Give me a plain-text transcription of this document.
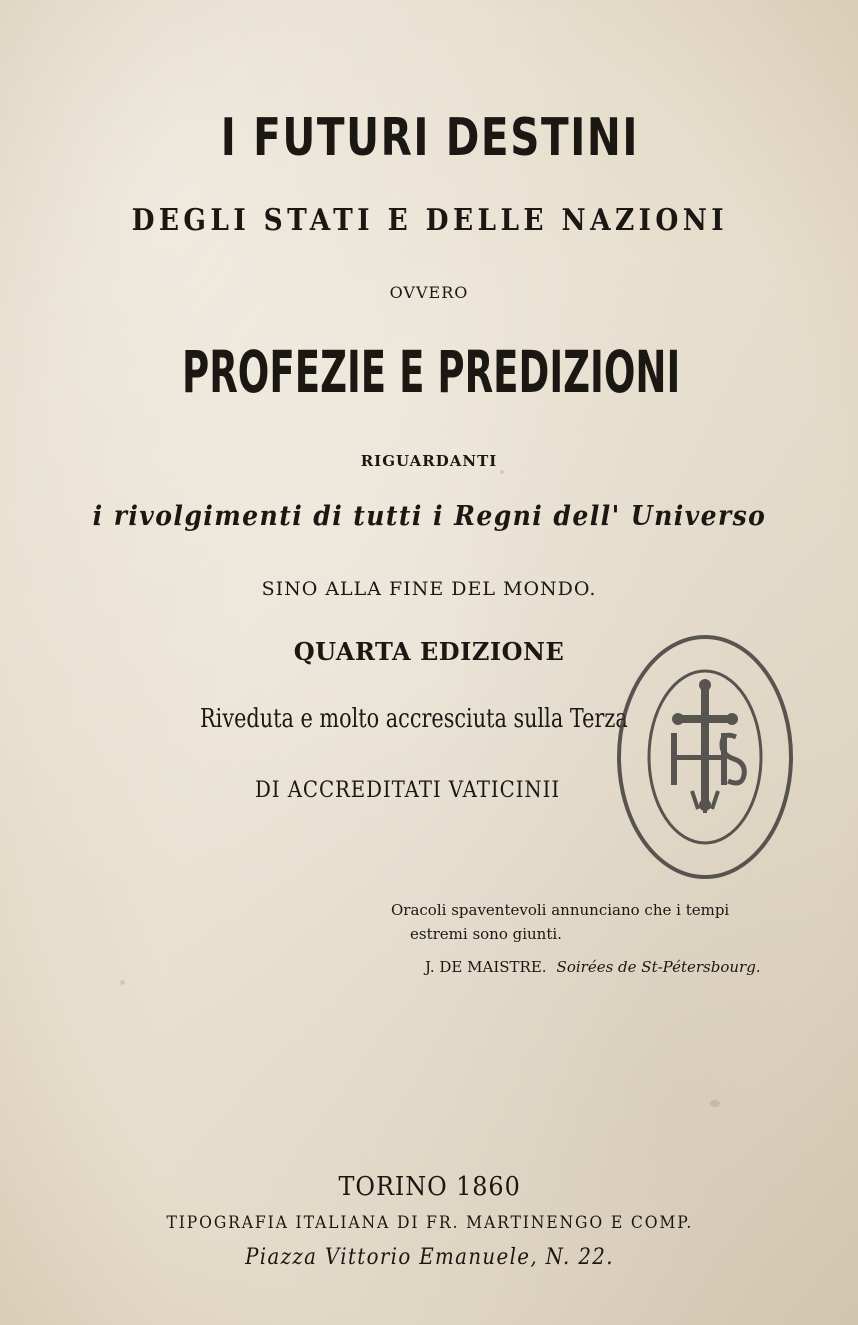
I FUTURI DESTINI
DEGLI STATI E DELLE NAZIONI
OVVERO
PROFEZIE E PREDIZIONI
RIGUARDANTI
i rivolgimenti di tutti i Regni dell' Universo
SINO ALLA FINE DEL MONDO.
QUARTA EDIZIONE
Riveduta e molto accresciuta sulla Terza
DI ACCREDITATI VATICINII
Oracoli spaventevoli annunciano che i tempi
estremi sono giunti.
J. DE MAISTRE. Soirées de St-Pétersbourg.
TORINO 1860
TIPOGRAFIA ITALIANA DI FR. MARTINENGO E COMP.
Piazza Vittorio Emanuele, N. 22.
